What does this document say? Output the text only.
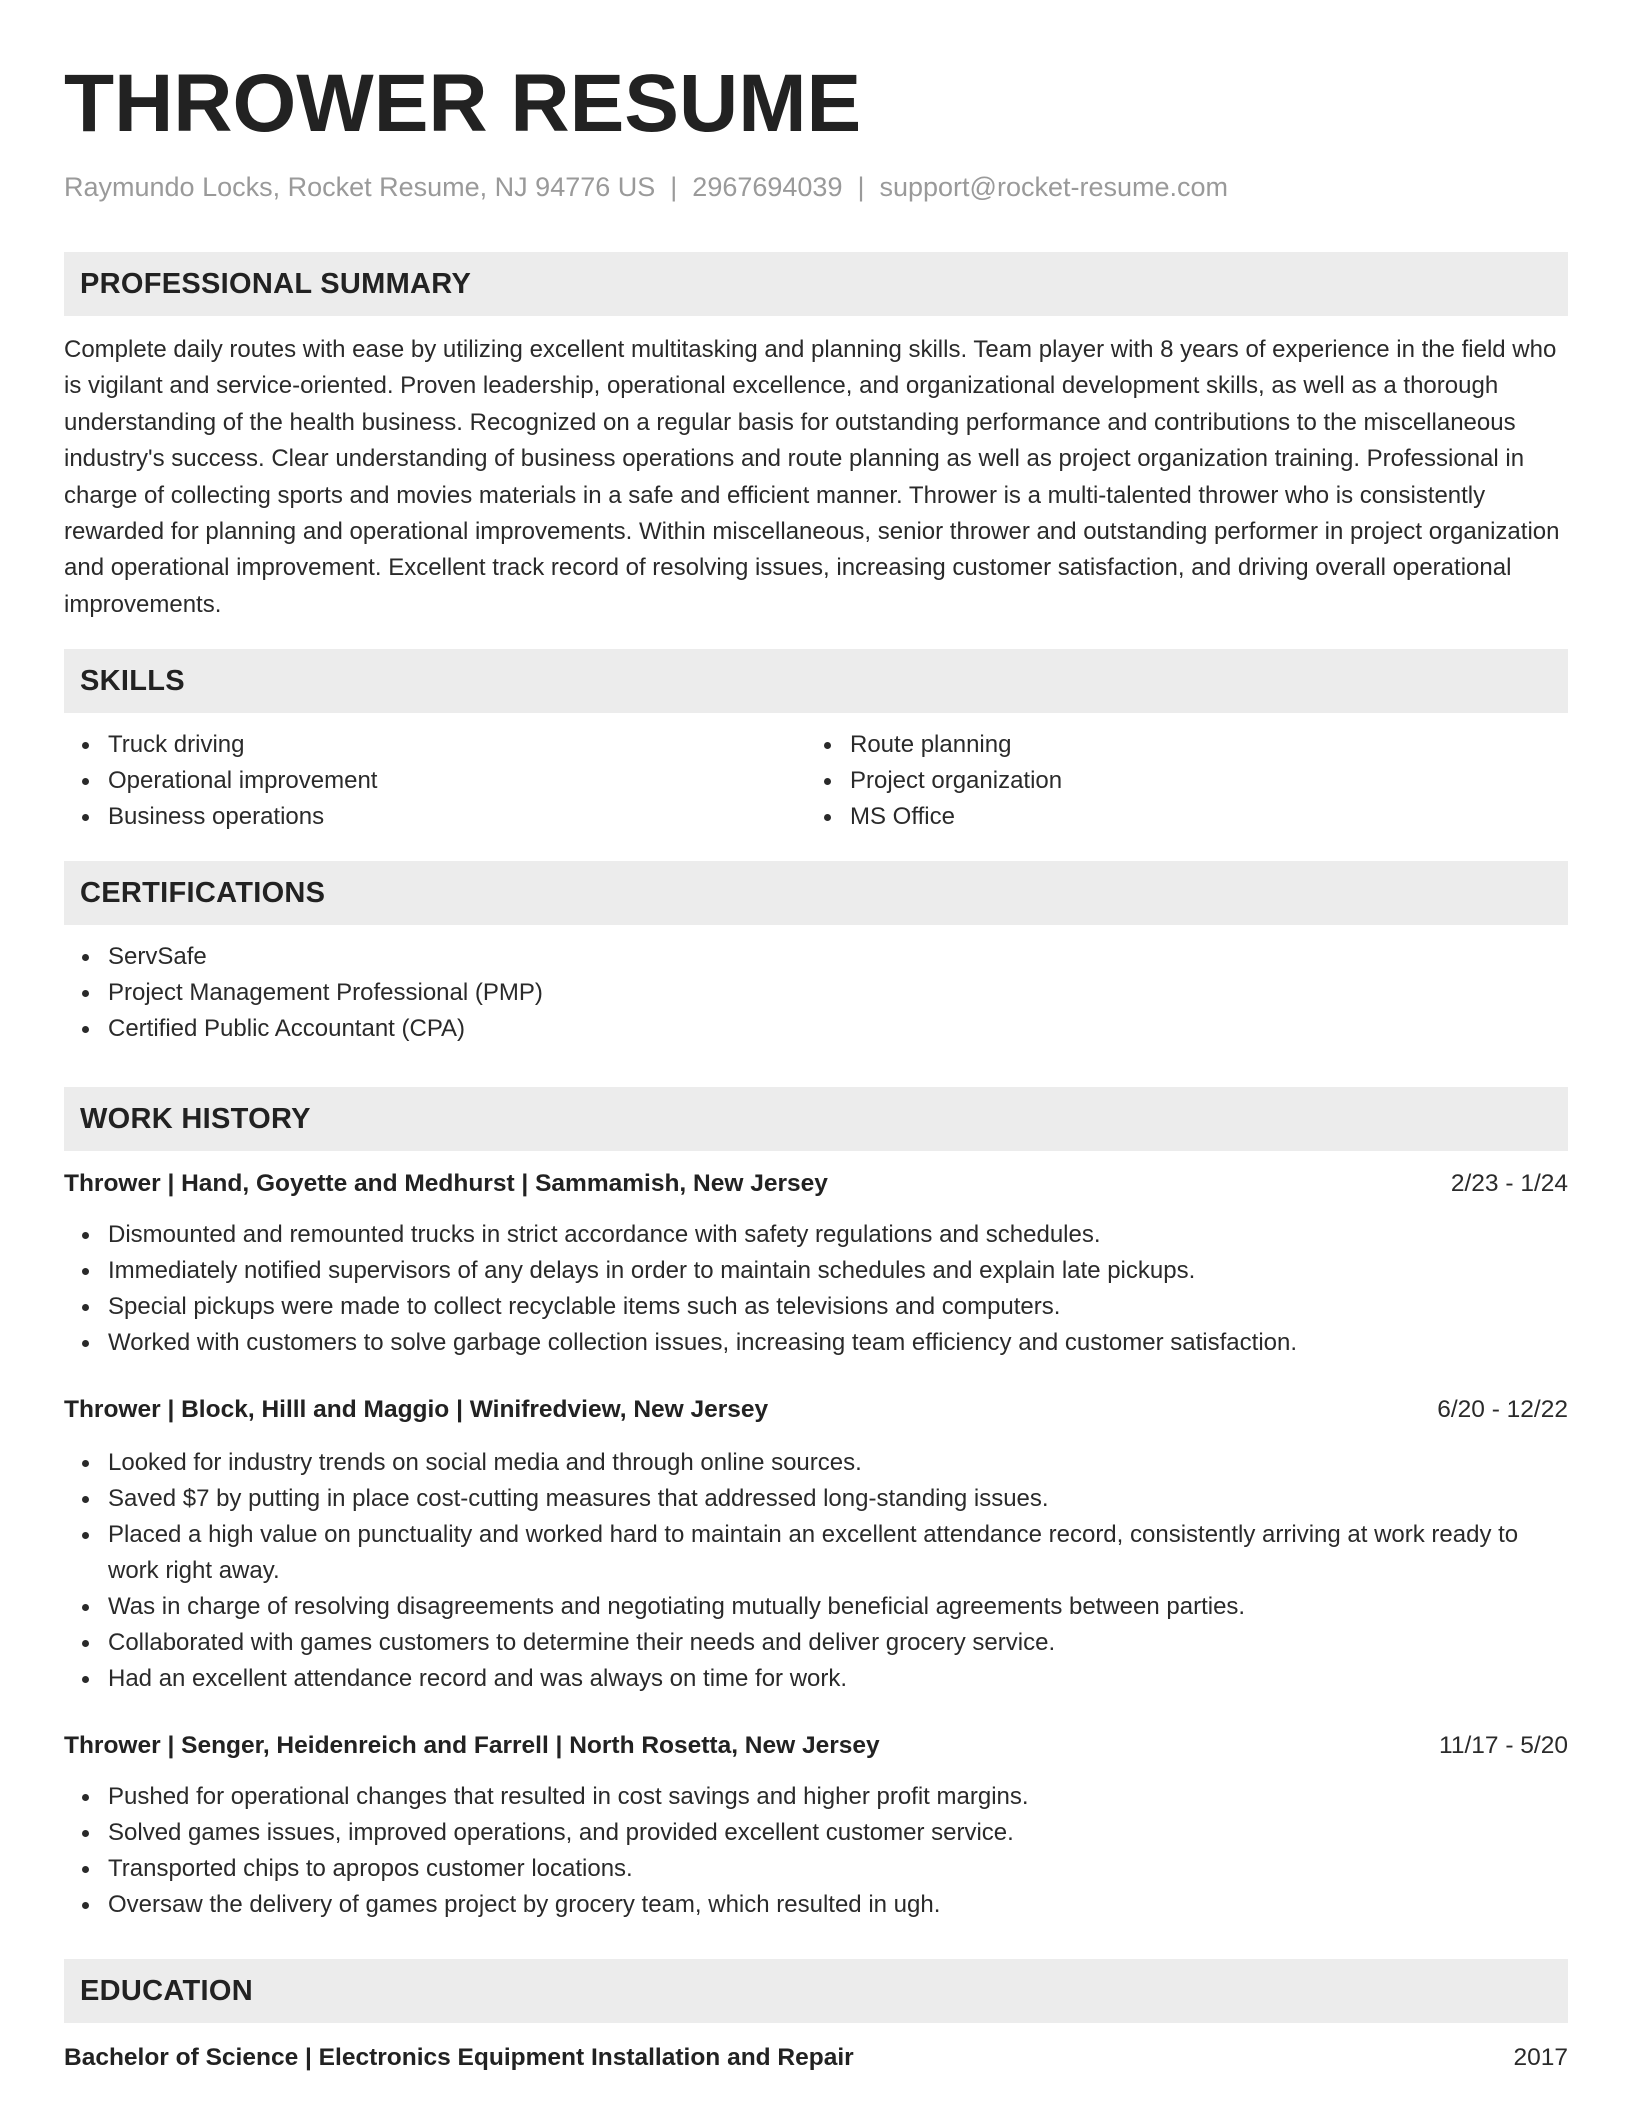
THROWER RESUME
Raymundo Locks, Rocket Resume, NJ 94776 US | 2967694039 | support@rocket-resume.com
PROFESSIONAL SUMMARY

Complete daily routes with ease by utilizing excellent multitasking and planning skills. Team player with 8 years of experience in the field who is vigilant and service-oriented. Proven leadership, operational excellence, and organizational development skills, as well as a thorough understanding of the health business. Recognized on a regular basis for outstanding performance and contributions to the miscellaneous industry's success. Clear understanding of business operations and route planning as well as project organization training. Professional in charge of collecting sports and movies materials in a safe and efficient manner. Thrower is a multi-talented thrower who is consistently rewarded for planning and operational improvements. Within miscellaneous, senior thrower and outstanding performer in project organization and operational improvement. Excellent track record of resolving issues, increasing customer satisfaction, and driving overall operational improvements.

SKILLS
Truck driving
Operational improvement
Business operations
Route planning
Project organization
MS Office
CERTIFICATIONS
ServSafe
Project Management Professional (PMP)
Certified Public Accountant (CPA)
WORK HISTORY
Thrower | Hand, Goyette and Medhurst | Sammamish, New Jersey	2/23 - 1/24
Dismounted and remounted trucks in strict accordance with safety regulations and schedules.
Immediately notified supervisors of any delays in order to maintain schedules and explain late pickups.
Special pickups were made to collect recyclable items such as televisions and computers.
Worked with customers to solve garbage collection issues, increasing team efficiency and customer satisfaction.
Thrower | Block, Hilll and Maggio | Winifredview, New Jersey	6/20 - 12/22
Looked for industry trends on social media and through online sources.
Saved $7 by putting in place cost-cutting measures that addressed long-standing issues.
Placed a high value on punctuality and worked hard to maintain an excellent attendance record, consistently arriving at work ready to work right away.
Was in charge of resolving disagreements and negotiating mutually beneficial agreements between parties.
Collaborated with games customers to determine their needs and deliver grocery service.
Had an excellent attendance record and was always on time for work.
Thrower | Senger, Heidenreich and Farrell | North Rosetta, New Jersey	11/17 - 5/20
Pushed for operational changes that resulted in cost savings and higher profit margins.
Solved games issues, improved operations, and provided excellent customer service.
Transported chips to apropos customer locations.
Oversaw the delivery of games project by grocery team, which resulted in ugh.
EDUCATION
Bachelor of Science | Electronics Equipment Installation and Repair	2017
